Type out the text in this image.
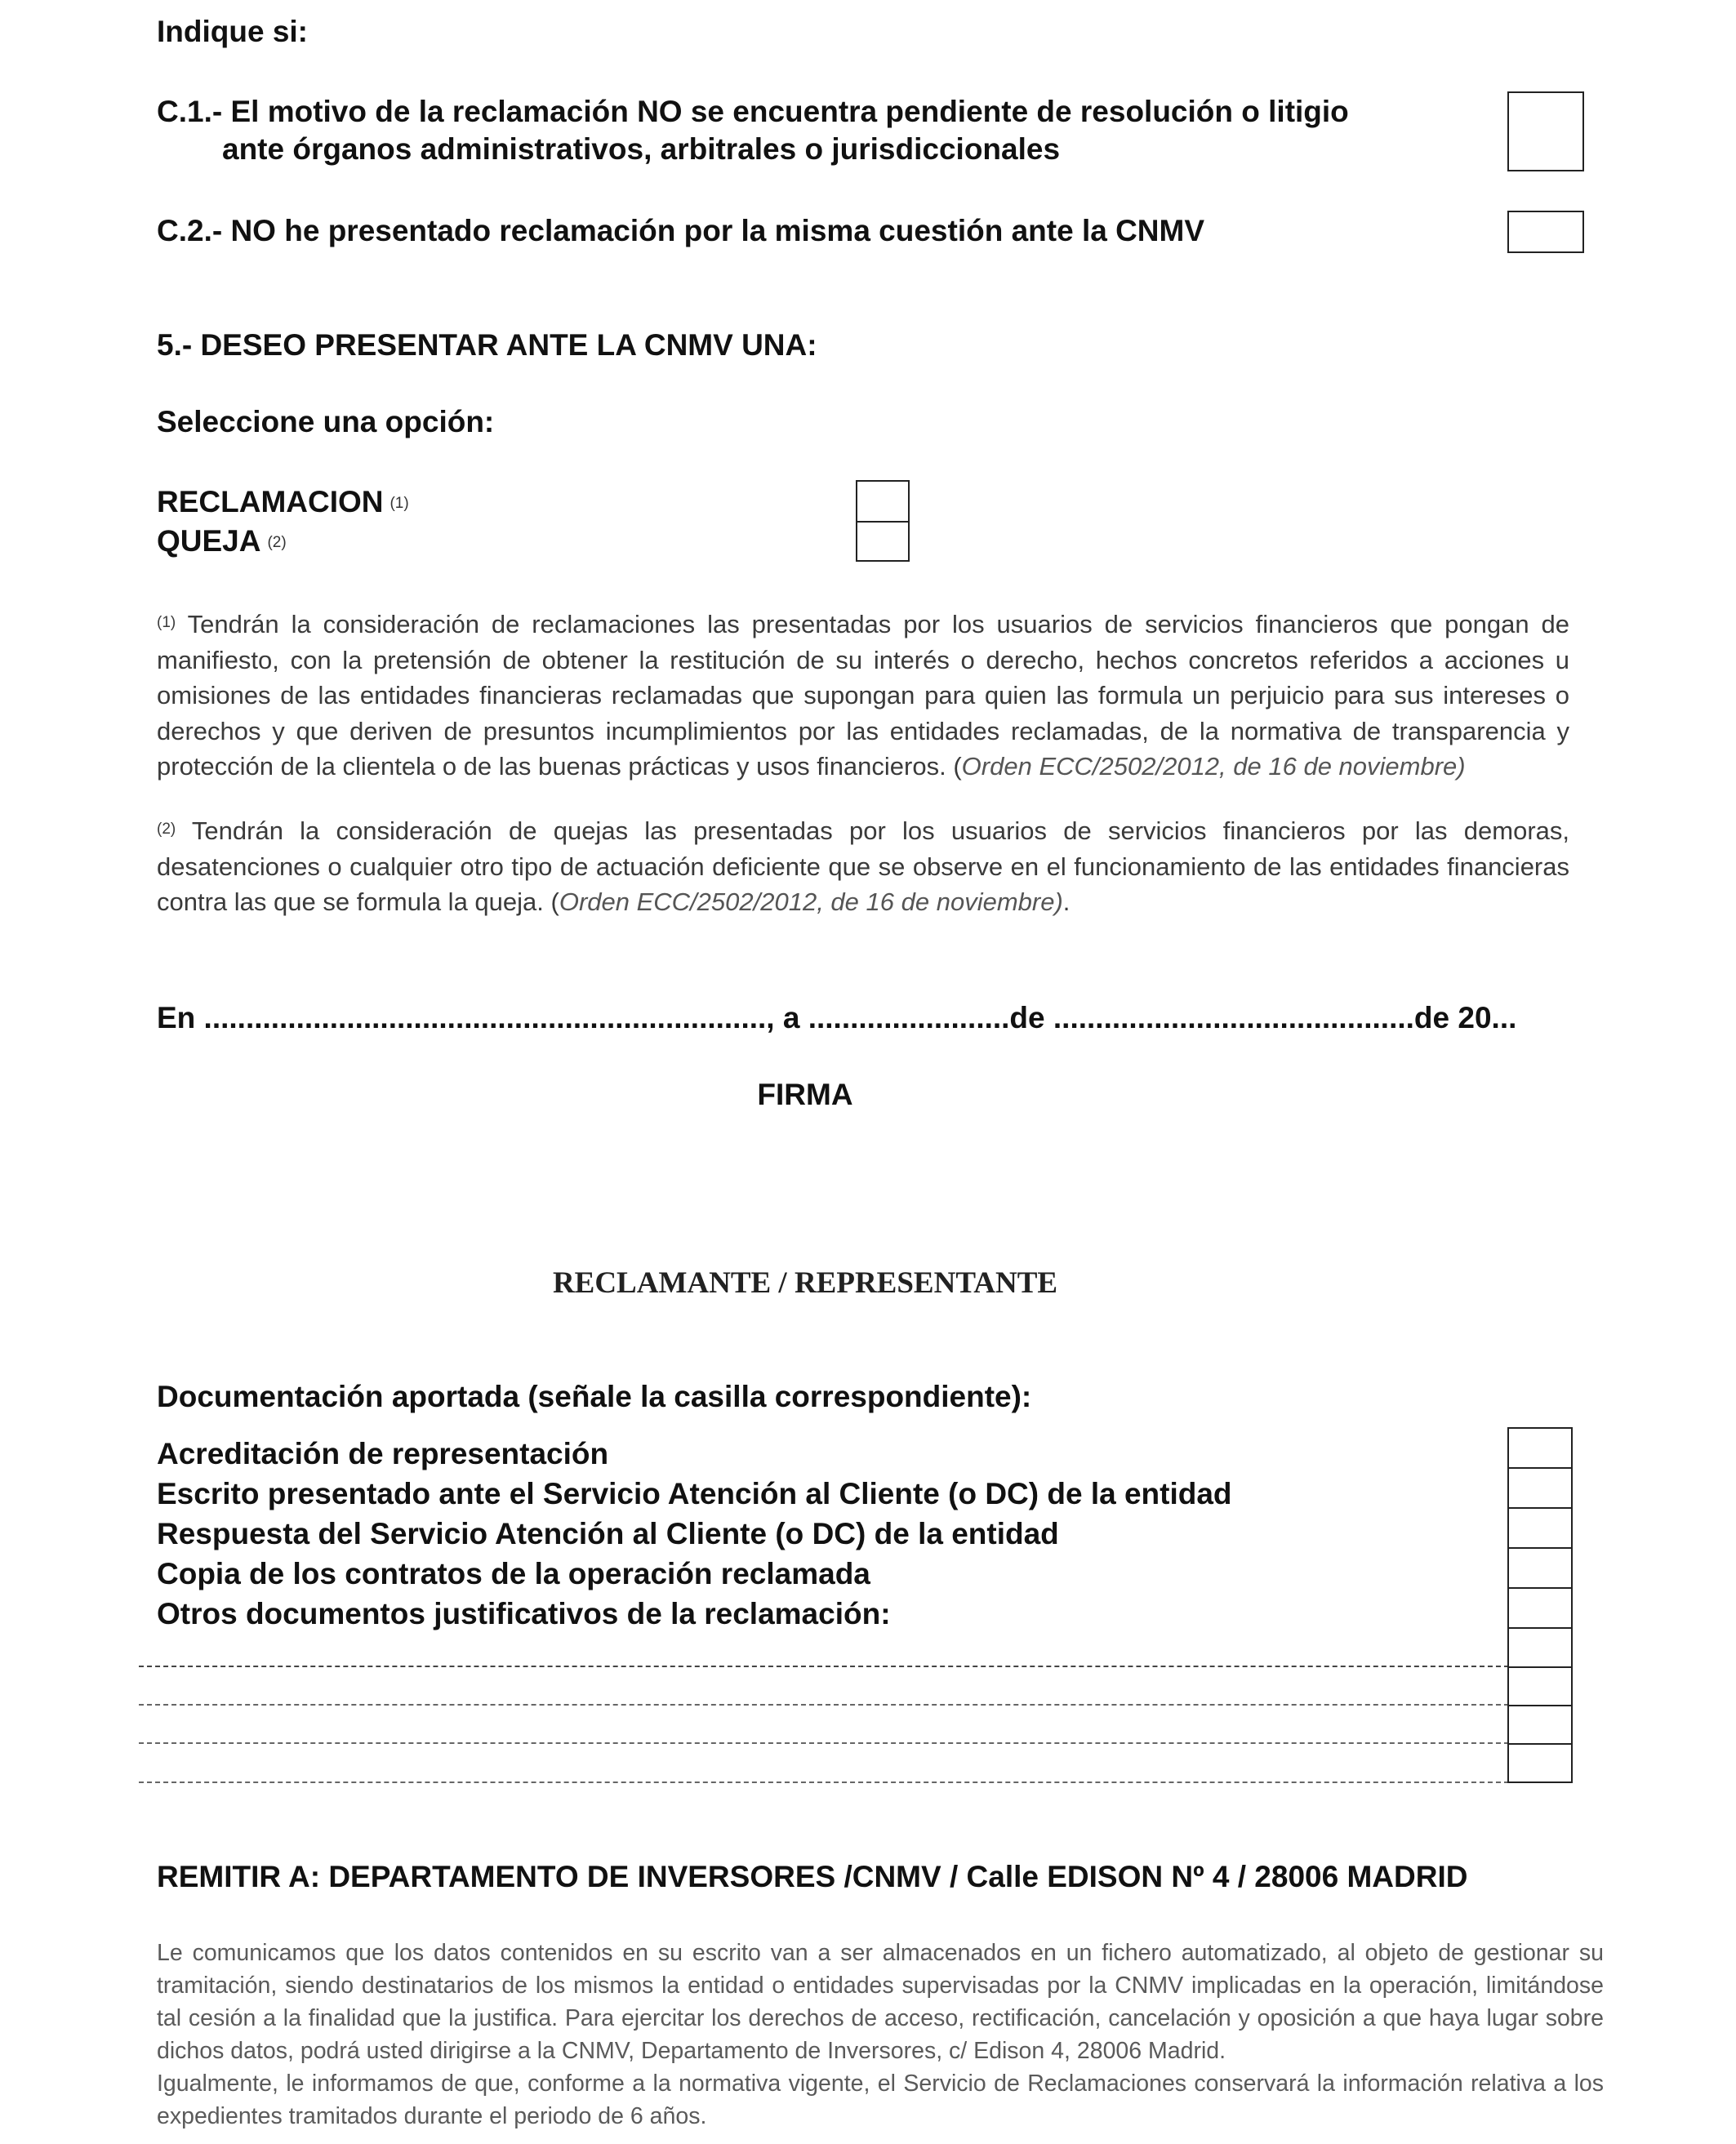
Indique si:
C.1.- El motivo de la reclamación NO se encuentra pendiente de resolución o litigio
ante órganos administrativos, arbitrales o jurisdiccionales
C.2.- NO he presentado reclamación por la misma cuestión ante la CNMV
5.- DESEO PRESENTAR ANTE LA CNMV UNA:
Seleccione una opción:
RECLAMACION $^{(1)}$
QUEJA $^{(2)}$
$^{(1)}$ Tendrán la consideración de reclamaciones las presentadas por los usuarios de servicios financieros que pongan de manifiesto, con la pretensión de obtener la restitución de su interés o derecho, hechos concretos referidos a acciones u omisiones de las entidades financieras reclamadas que supongan para quien las formula un perjuicio para sus intereses o derechos y que deriven de presuntos incumplimientos por las entidades reclamadas, de la normativa de transparencia y protección de la clientela o de las buenas prácticas y usos financieros. (Orden ECC/2502/2012, de 16 de noviembre)
$^{(2)}$ Tendrán la consideración de quejas las presentadas por los usuarios de servicios financieros por las demoras, desatenciones o cualquier otro tipo de actuación deficiente que se observe en el funcionamiento de las entidades financieras contra las que se formula la queja. (Orden ECC/2502/2012, de 16 de noviembre).
En ..................................................................., a ........................de ...........................................de 20...
FIRMA
RECLAMANTE / REPRESENTANTE
Documentación aportada (señale la casilla correspondiente):
Acreditación de representación
Escrito presentado ante el Servicio Atención al Cliente (o DC) de la entidad
Respuesta del Servicio Atención al Cliente (o DC) de la entidad
Copia de los contratos de la operación reclamada
Otros documentos justificativos de la reclamación:
REMITIR A: DEPARTAMENTO DE INVERSORES /CNMV / Calle EDISON Nº 4 / 28006 MADRID
Le comunicamos que los datos contenidos en su escrito van a ser almacenados en un fichero automatizado, al objeto de gestionar su tramitación, siendo destinatarios de los mismos la entidad o entidades supervisadas por la CNMV implicadas en la operación, limitándose tal cesión a la finalidad que la justifica. Para ejercitar los derechos de acceso, rectificación, cancelación y oposición a que haya lugar sobre dichos datos, podrá usted dirigirse a la CNMV, Departamento de Inversores, c/ Edison 4, 28006 Madrid.
Igualmente, le informamos de que, conforme a la normativa vigente, el Servicio de Reclamaciones conservará la información relativa a los expedientes tramitados durante el periodo de 6 años.
